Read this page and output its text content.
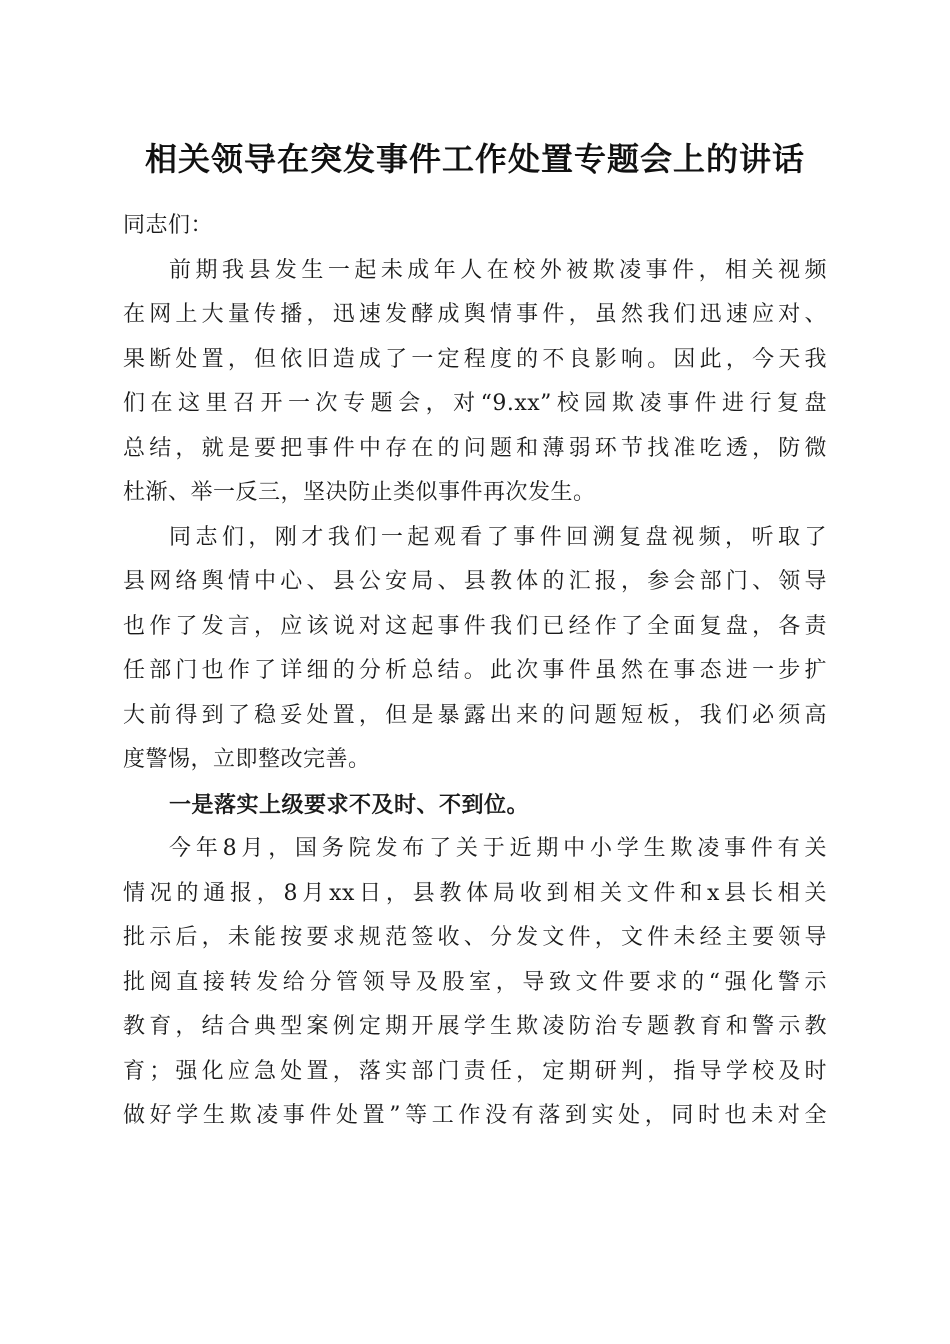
相关领导在突发事件工作处置专题会上的讲话

同志们：

前期我县发生一起未成年人在校外被欺凌事件，相关视频
在网上大量传播，迅速发酵成舆情事件，虽然我们迅速应对、
果断处置，但依旧造成了一定程度的不良影响。因此，今天我
们在这里召开一次专题会，对“9.xx”校园欺凌事件进行复盘
总结，就是要把事件中存在的问题和薄弱环节找准吃透，防微
杜渐、举一反三，坚决防止类似事件再次发生。

同志们，刚才我们一起观看了事件回溯复盘视频，听取了
县网络舆情中心、县公安局、县教体的汇报，参会部门、领导
也作了发言，应该说对这起事件我们已经作了全面复盘，各责
任部门也作了详细的分析总结。此次事件虽然在事态进一步扩
大前得到了稳妥处置，但是暴露出来的问题短板，我们必须高
度警惕，立即整改完善。

一是落实上级要求不及时、不到位。

今年8月，国务院发布了关于近期中小学生欺凌事件有关
情况的通报，8月xx日，县教体局收到相关文件和x县长相关
批示后，未能按要求规范签收、分发文件，文件未经主要领导
批阅直接转发给分管领导及股室，导致文件要求的“强化警示
教育，结合典型案例定期开展学生欺凌防治专题教育和警示教
育；强化应急处置，落实部门责任，定期研判，指导学校及时
做好学生欺凌事件处置”等工作没有落到实处，同时也未对全
